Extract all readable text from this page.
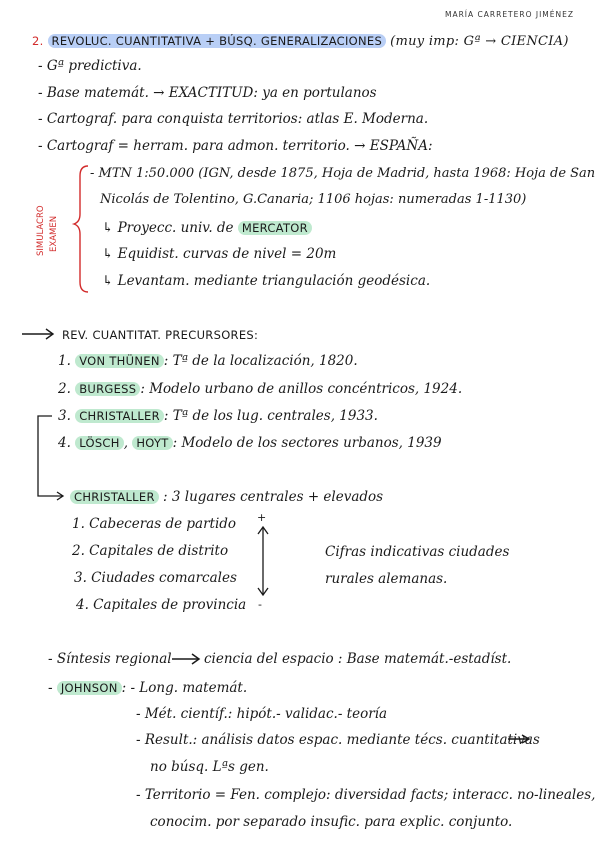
MARÍA CARRETERO JIMÉNEZ
2. REVOLUC. CUANTITATIVA + BÚSQ. GENERALIZACIONES (muy imp: Gª → CIENCIA)
- Gª predictiva.
- Base matemát. → EXACTITUD: ya en portulanos
- Cartograf. para conquista territorios: atlas E. Moderna.
- Cartograf = herram. para admon. territorio. → ESPAÑA:
SIMULACRO EXAMEN
- MTN 1:50.000 (IGN, desde 1875, Hoja de Madrid, hasta 1968: Hoja de San
Nicolás de Tolentino, G.Canaria; 1106 hojas: numeradas 1-1130)
↳ Proyecc. univ. de MERCATOR
↳ Equidist. curvas de nivel = 20m
↳ Levantam. mediante triangulación geodésica.
REV. CUANTITAT. PRECURSORES:
1. VON THÜNEN : Tª de la localización, 1820.
2. BURGESS : Modelo urbano de anillos concéntricos, 1924.
3. CHRISTALLER : Tª de los lug. centrales, 1933.
4. LÖSCH , HOYT : Modelo de los sectores urbanos, 1939
CHRISTALLER : 3 lugares centrales + elevados
1. Cabeceras de partido
2. Capitales de distrito
3. Ciudades comarcales
4. Capitales de provincia
+
-
Cifras indicativas ciudades
rurales alemanas.
- Síntesis regional ciencia del espacio : Base matemát.-estadíst.
- JOHNSON : - Long. matemát.
- Mét. científ.: hipót.- validac.- teoría
- Result.: análisis datos espac. mediante técs. cuantitativas
no búsq. Lªs gen.
- Territorio = Fen. complejo: diversidad facts; interacc. no-lineales,
conocim. por separado insufic. para explic. conjunto.
